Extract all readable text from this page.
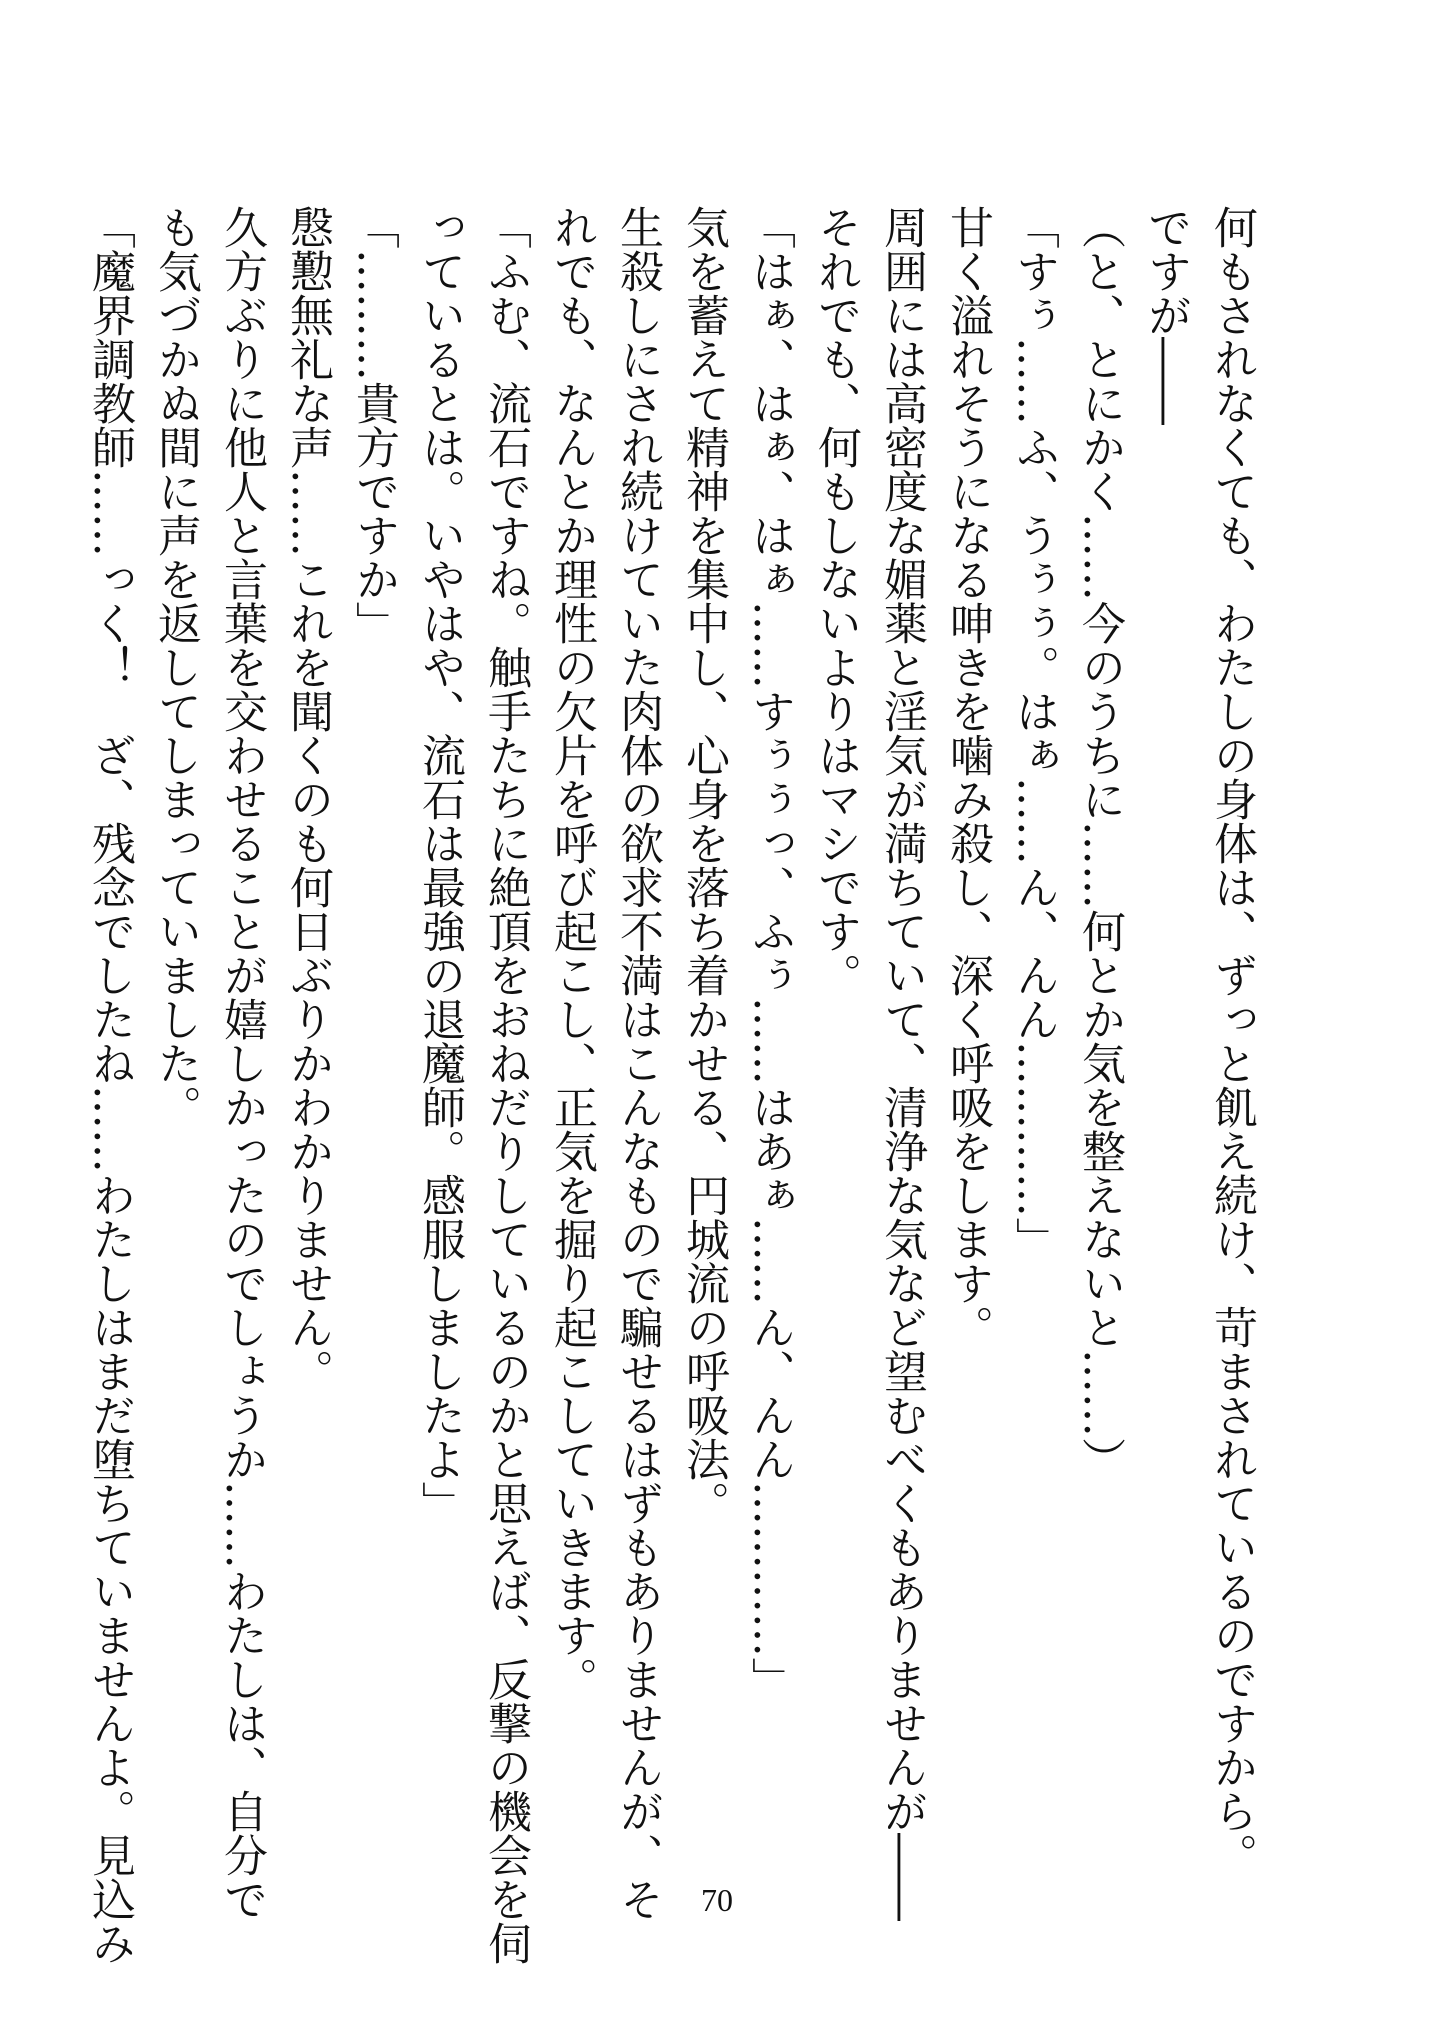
何もされなくても、わたしの身体は、ずっと飢え続け、苛まされているのですから。
ですが――
（と、とにかく……今のうちに……何とか気を整えないと……）
「すぅ……ふ、うぅぅ。はぁ……ん、んん…………」
甘く溢れそうになる呻きを噛み殺し、深く呼吸をします。
周囲には高密度な媚薬と淫気が満ちていて、清浄な気など望むべくもありませんが――
それでも、何もしないよりはマシです。
「はぁ、はぁ、はぁ……すぅぅっ、ふぅ……はあぁ……ん、んん…………」
気を蓄えて精神を集中し、心身を落ち着かせる、円城流の呼吸法。
生殺しにされ続けていた肉体の欲求不満はこんなもので騙せるはずもありませんが、そ
れでも、なんとか理性の欠片を呼び起こし、正気を掘り起こしていきます。
「ふむ、流石ですね。触手たちに絶頂をおねだりしているのかと思えば、反撃の機会を伺
っているとは。いやはや、流石は最強の退魔師。感服しましたよ」
「………貴方ですか」
慇懃無礼な声……これを聞くのも何日ぶりかわかりません。
久方ぶりに他人と言葉を交わせることが嬉しかったのでしょうか……わたしは、自分で
も気づかぬ間に声を返してしまっていました。
「魔界調教師……っく！　ざ、残念でしたね……わたしはまだ堕ちていませんよ。見込み	70
